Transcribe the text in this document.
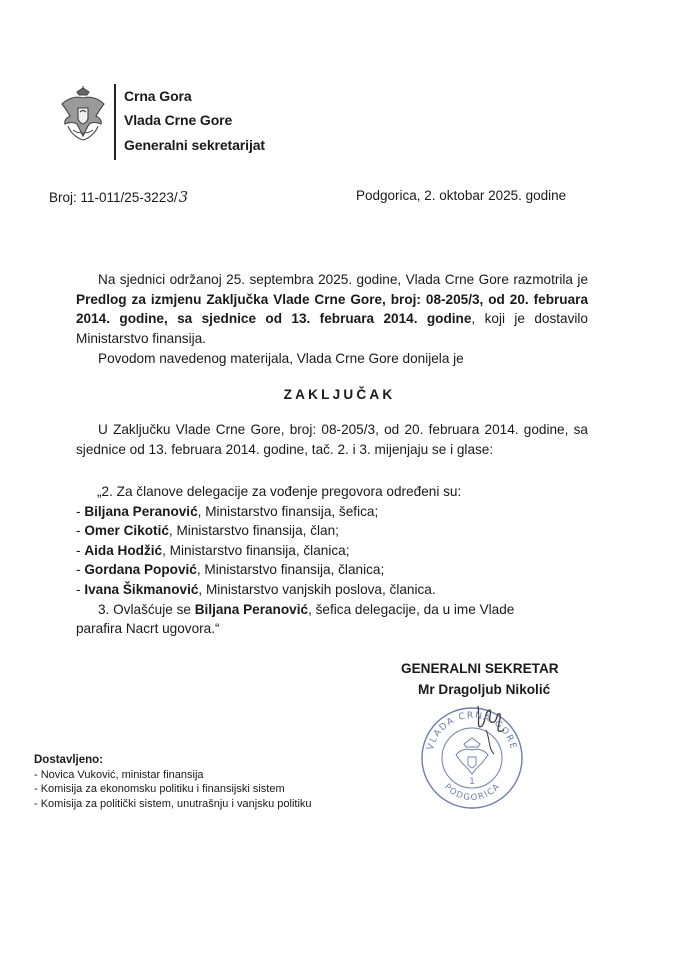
Crna Gora
Vlada Crne Gore
Generalni sekretarijat
Broj: 11-011/25-3223/3	Podgorica, 2. oktobar 2025. godine
Na sjednici održanoj 25. septembra 2025. godine, Vlada Crne Gore razmotrila je Predlog za izmjenu Zaključka Vlade Crne Gore, broj: 08-205/3, od 20. februara 2014. godine, sa sjednice od 13. februara 2014. godine, koji je dostavilo Ministarstvo finansija.
Povodom navedenog materijala, Vlada Crne Gore donijela je
ZAKLJUČAK
U Zaključku Vlade Crne Gore, broj: 08-205/3, od 20. februara 2014. godine, sa sjednice od 13. februara 2014. godine, tač. 2. i 3. mijenjaju se i glase:
„2. Za članove delegacije za vođenje pregovora određeni su:
- Biljana Peranović, Ministarstvo finansija, šefica;
- Omer Cikotić, Ministarstvo finansija, član;
- Aida Hodžić, Ministarstvo finansija, članica;
- Gordana Popović, Ministarstvo finansija, članica;
- Ivana Šikmanović, Ministarstvo vanjskih poslova, članica.
3. Ovlašćuje se Biljana Peranović, šefica delegacije, da u ime Vlade
parafira Nacrt ugovora.“
GENERALNI SEKRETAR
Mr Dragoljub Nikolić
VLADA CRNA GORE
PODGORICA
1
Dostavljeno:
- Novica Vuković, ministar finansija
- Komisija za ekonomsku politiku i finansijski sistem
- Komisija za politički sistem, unutrašnju i vanjsku politiku
